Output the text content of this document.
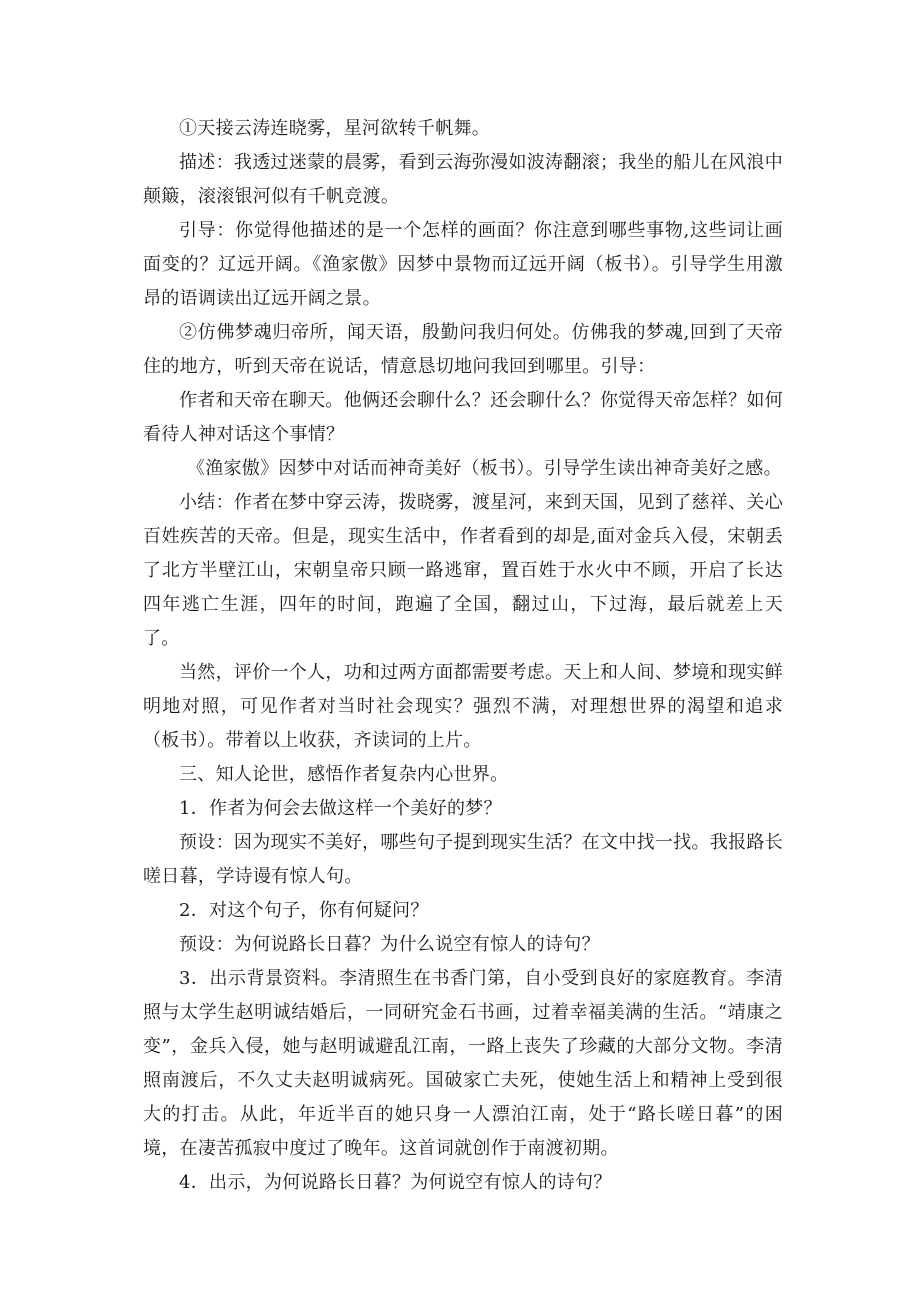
①天接云涛连晓雾，星河欲转千帆舞。

描述：我透过迷蒙的晨雾，看到云海弥漫如波涛翻滚；我坐的船儿在风浪中颠簸，滚滚银河似有千帆竞渡。

引导：你觉得他描述的是一个怎样的画面？你注意到哪些事物,这些词让画面变的？辽远开阔。《渔家傲》因梦中景物而辽远开阔（板书）。引导学生用激昂的语调读出辽远开阔之景。

②仿佛梦魂归帝所，闻天语，殷勤问我归何处。仿佛我的梦魂,回到了天帝住的地方，听到天帝在说话，情意恳切地问我回到哪里。引导：

作者和天帝在聊天。他俩还会聊什么？还会聊什么？你觉得天帝怎样？如何看待人神对话这个事情？

《渔家傲》因梦中对话而神奇美好（板书）。引导学生读出神奇美好之感。

小结：作者在梦中穿云涛，拨晓雾，渡星河，来到天国，见到了慈祥、关心百姓疾苦的天帝。但是，现实生活中，作者看到的却是,面对金兵入侵，宋朝丢了北方半壁江山，宋朝皇帝只顾一路逃窜，置百姓于水火中不顾，开启了长达四年逃亡生涯，四年的时间，跑遍了全国，翻过山，下过海，最后就差上天了。

当然，评价一个人，功和过两方面都需要考虑。天上和人间、梦境和现实鲜明地对照，可见作者对当时社会现实？强烈不满，对理想世界的渴望和追求（板书）。带着以上收获，齐读词的上片。

三、知人论世，感悟作者复杂内心世界。

1．作者为何会去做这样一个美好的梦？

预设：因为现实不美好，哪些句子提到现实生活？在文中找一找。我报路长嗟日暮，学诗谩有惊人句。

2．对这个句子，你有何疑问？

预设：为何说路长日暮？为什么说空有惊人的诗句？

3．出示背景资料。李清照生在书香门第，自小受到良好的家庭教育。李清照与太学生赵明诚结婚后，一同研究金石书画，过着幸福美满的生活。“靖康之变”，金兵入侵，她与赵明诚避乱江南，一路上丧失了珍藏的大部分文物。李清照南渡后，不久丈夫赵明诚病死。国破家亡夫死，使她生活上和精神上受到很大的打击。从此，年近半百的她只身一人漂泊江南，处于“路长嗟日暮”的困境，在凄苦孤寂中度过了晚年。这首词就创作于南渡初期。

4．出示，为何说路长日暮？为何说空有惊人的诗句？
